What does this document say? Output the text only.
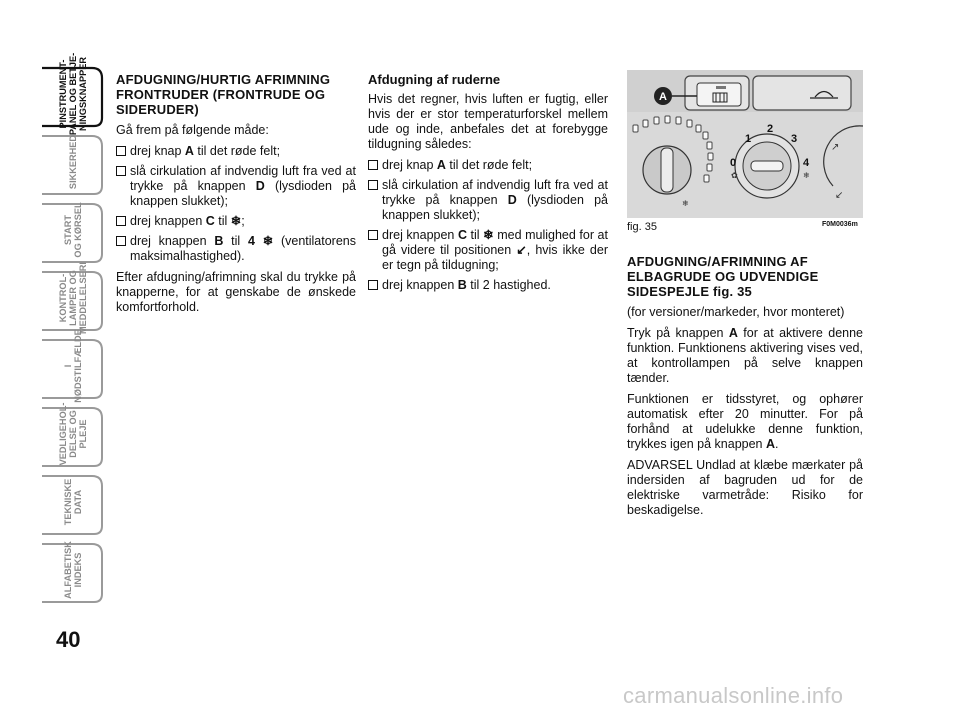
PINSTRUMENT-
PANEL OG BETJE-
NINGSKNAPPER
SIKKERHED
START
OG KØRSEL
KONTROL-
LAMPER OG
MEDDELELSERI
I
NØDSTILFÆLDE
VEDLIGEHOL-
DELSE OG
PLEJE
TEKNISKE
DATA
ALFABETISK
INDEKS
40
AFDUGNING/HURTIG AFRIMNING FRONTRUDER (FRONTRUDE OG SIDERUDER)

Gå frem på følgende måde:

drej knap A til det røde felt;
slå cirkulation af indvendig luft fra ved at trykke på knappen D (lysdioden på knappen slukket);
drej knappen C til ❄;
drej knappen B til 4 ❄ (ventilatorens maksimalhastighed).

Efter afdugning/afrimning skal du trykke på knapperne, for at genskabe de ønskede komfortforhold.

Afdugning af ruderne

Hvis det regner, hvis luften er fugtig, eller hvis der er stor temperaturforskel mellem ude og inde, anbefales det at forebygge tildugning således:

drej knap A til det røde felt;
slå cirkulation af indvendig luft fra ved at trykke på knappen D (lysdioden på knappen slukket);
drej knappen C til ❄ med mulighed for at gå videre til positionen ↙, hvis ikke der er tegn på tildugning;
drej knappen B til 2 hastighed.
A
❄
0
1
2
3
4
✿	❄
↗
↙
fig. 35	F0M0036m
AFDUGNING/AFRIMNING AF ELBAGRUDE OG UDVENDIGE SIDESPEJLE fig. 35

(for versioner/markeder, hvor monteret)

Tryk på knappen A for at aktivere denne funktion. Funktionens aktivering vises ved, at kontrollampen på selve knappen tænder.

Funktionen er tidsstyret, og ophører automatisk efter 20 minutter. For på forhånd at udelukke denne funktion, trykkes igen på knappen A.

ADVARSEL Undlad at klæbe mærkater på indersiden af bagruden ud for de elektriske varmetråde: Risiko for beskadigelse.

carmanualsonline.info
